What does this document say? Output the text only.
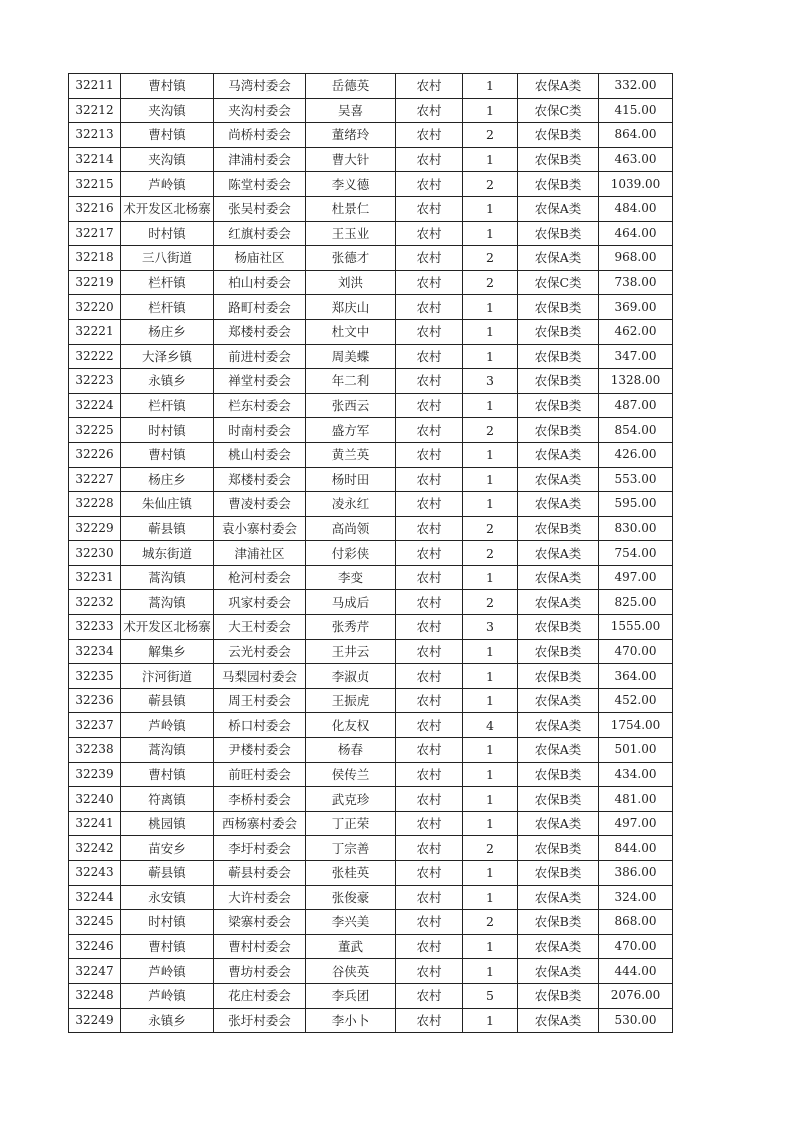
32211	曹村镇	马湾村委会	岳德英	农村	1	农保A类	332.00
32212	夹沟镇	夹沟村委会	吴喜	农村	1	农保C类	415.00
32213	曹村镇	尚桥村委会	董绪玲	农村	2	农保B类	864.00
32214	夹沟镇	津浦村委会	曹大针	农村	1	农保B类	463.00
32215	芦岭镇	陈堂村委会	李义德	农村	2	农保B类	1039.00
32216	术开发区北杨寨	张吴村委会	杜景仁	农村	1	农保A类	484.00
32217	时村镇	红旗村委会	王玉业	农村	1	农保B类	464.00
32218	三八街道	杨庙社区	张德才	农村	2	农保A类	968.00
32219	栏杆镇	柏山村委会	刘洪	农村	2	农保C类	738.00
32220	栏杆镇	路町村委会	郑庆山	农村	1	农保B类	369.00
32221	杨庄乡	郑楼村委会	杜文中	农村	1	农保B类	462.00
32222	大泽乡镇	前进村委会	周美蝶	农村	1	农保B类	347.00
32223	永镇乡	禅堂村委会	年二利	农村	3	农保B类	1328.00
32224	栏杆镇	栏东村委会	张西云	农村	1	农保B类	487.00
32225	时村镇	时南村委会	盛方军	农村	2	农保B类	854.00
32226	曹村镇	桃山村委会	黄兰英	农村	1	农保A类	426.00
32227	杨庄乡	郑楼村委会	杨时田	农村	1	农保A类	553.00
32228	朱仙庄镇	曹凌村委会	凌永红	农村	1	农保A类	595.00
32229	蕲县镇	袁小寨村委会	高尚领	农村	2	农保B类	830.00
32230	城东街道	津浦社区	付彩侠	农村	2	农保A类	754.00
32231	蒿沟镇	枪河村委会	李变	农村	1	农保A类	497.00
32232	蒿沟镇	巩家村委会	马成后	农村	2	农保A类	825.00
32233	术开发区北杨寨	大王村委会	张秀芹	农村	3	农保B类	1555.00
32234	解集乡	云光村委会	王井云	农村	1	农保B类	470.00
32235	汴河街道	马梨园村委会	李淑贞	农村	1	农保B类	364.00
32236	蕲县镇	周王村委会	王振虎	农村	1	农保A类	452.00
32237	芦岭镇	桥口村委会	化友权	农村	4	农保A类	1754.00
32238	蒿沟镇	尹楼村委会	杨春	农村	1	农保A类	501.00
32239	曹村镇	前旺村委会	侯传兰	农村	1	农保B类	434.00
32240	符离镇	李桥村委会	武克珍	农村	1	农保B类	481.00
32241	桃园镇	西杨寨村委会	丁正荣	农村	1	农保A类	497.00
32242	苗安乡	李圩村委会	丁宗善	农村	2	农保B类	844.00
32243	蕲县镇	蕲县村委会	张桂英	农村	1	农保B类	386.00
32244	永安镇	大许村委会	张俊豪	农村	1	农保A类	324.00
32245	时村镇	梁寨村委会	李兴美	农村	2	农保B类	868.00
32246	曹村镇	曹村村委会	董武	农村	1	农保A类	470.00
32247	芦岭镇	曹坊村委会	谷侠英	农村	1	农保A类	444.00
32248	芦岭镇	花庄村委会	李兵团	农村	5	农保B类	2076.00
32249	永镇乡	张圩村委会	李小卜	农村	1	农保A类	530.00
